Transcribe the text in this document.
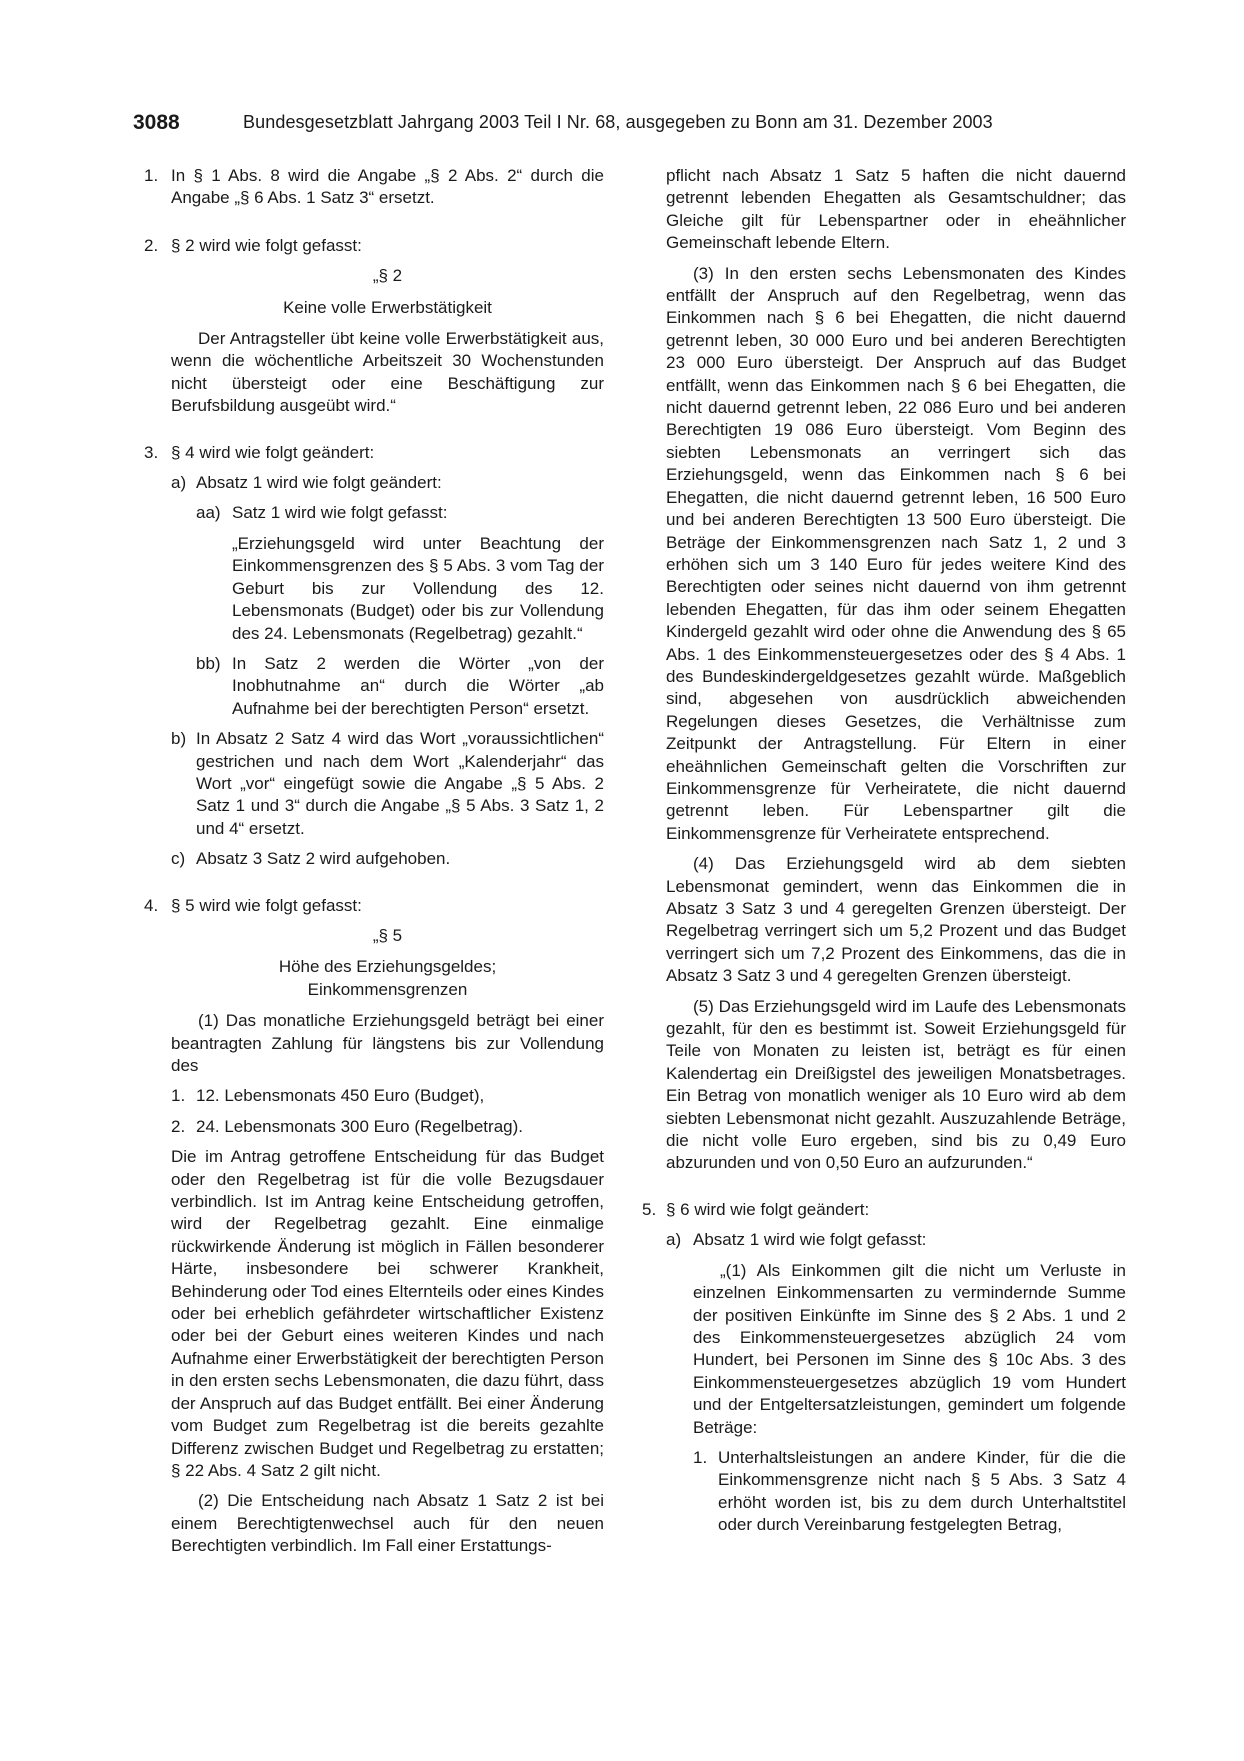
3088	Bundesgesetzblatt Jahrgang 2003 Teil I Nr. 68, ausgegeben zu Bonn am 31. Dezember 2003
1. In § 1 Abs. 8 wird die Angabe „§ 2 Abs. 2“ durch die Angabe „§ 6 Abs. 1 Satz 3“ ersetzt.
2. § 2 wird wie folgt gefasst:

„§ 2

Keine volle Erwerbstätigkeit

Der Antragsteller übt keine volle Erwerbstätigkeit aus, wenn die wöchentliche Arbeitszeit 30 Wochenstunden nicht übersteigt oder eine Beschäftigung zur Berufsbildung ausgeübt wird.“

3. § 4 wird wie folgt geändert:
a) Absatz 1 wird wie folgt geändert:
aa) Satz 1 wird wie folgt gefasst:

„Erziehungsgeld wird unter Beachtung der Einkommensgrenzen des § 5 Abs. 3 vom Tag der Geburt bis zur Vollendung des 12. Lebensmonats (Budget) oder bis zur Vollendung des 24. Lebensmonats (Regelbetrag) gezahlt.“

bb) In Satz 2 werden die Wörter „von der Inobhutnahme an“ durch die Wörter „ab Aufnahme bei der berechtigten Person“ ersetzt.
b) In Absatz 2 Satz 4 wird das Wort „voraussichtlichen“ gestrichen und nach dem Wort „Kalenderjahr“ das Wort „vor“ eingefügt sowie die Angabe „§ 5 Abs. 2 Satz 1 und 3“ durch die Angabe „§ 5 Abs. 3 Satz 1, 2 und 4“ ersetzt.
c) Absatz 3 Satz 2 wird aufgehoben.
4. § 5 wird wie folgt gefasst:

„§ 5

Höhe des Erziehungsgeldes;

Einkommensgrenzen

(1) Das monatliche Erziehungsgeld beträgt bei einer beantragten Zahlung für längstens bis zur Vollendung des

1. 12. Lebensmonats 450 Euro (Budget),
2. 24. Lebensmonats 300 Euro (Regelbetrag).

Die im Antrag getroffene Entscheidung für das Budget oder den Regelbetrag ist für die volle Bezugsdauer verbindlich. Ist im Antrag keine Entscheidung getroffen, wird der Regelbetrag gezahlt. Eine einmalige rückwirkende Änderung ist möglich in Fällen besonderer Härte, insbesondere bei schwerer Krankheit, Behinderung oder Tod eines Elternteils oder eines Kindes oder bei erheblich gefährdeter wirtschaftlicher Existenz oder bei der Geburt eines weiteren Kindes und nach Aufnahme einer Erwerbstätigkeit der berechtigten Person in den ersten sechs Lebensmonaten, die dazu führt, dass der Anspruch auf das Budget entfällt. Bei einer Änderung vom Budget zum Regelbetrag ist die bereits gezahlte Differenz zwischen Budget und Regelbetrag zu erstatten; § 22 Abs. 4 Satz 2 gilt nicht.

(2) Die Entscheidung nach Absatz 1 Satz 2 ist bei einem Berechtigtenwechsel auch für den neuen Berechtigten verbindlich. Im Fall einer Erstattungs-

pflicht nach Absatz 1 Satz 5 haften die nicht dauernd getrennt lebenden Ehegatten als Gesamtschuldner; das Gleiche gilt für Lebenspartner oder in eheähnlicher Gemeinschaft lebende Eltern.

(3) In den ersten sechs Lebensmonaten des Kindes entfällt der Anspruch auf den Regelbetrag, wenn das Einkommen nach § 6 bei Ehegatten, die nicht dauernd getrennt leben, 30 000 Euro und bei anderen Berechtigten 23 000 Euro übersteigt. Der Anspruch auf das Budget entfällt, wenn das Einkommen nach § 6 bei Ehegatten, die nicht dauernd getrennt leben, 22 086 Euro und bei anderen Berechtigten 19 086 Euro übersteigt. Vom Beginn des siebten Lebensmonats an verringert sich das Erziehungsgeld, wenn das Einkommen nach § 6 bei Ehegatten, die nicht dauernd getrennt leben, 16 500 Euro und bei anderen Berechtigten 13 500 Euro übersteigt. Die Beträge der Einkommensgrenzen nach Satz 1, 2 und 3 erhöhen sich um 3 140 Euro für jedes weitere Kind des Berechtigten oder seines nicht dauernd von ihm getrennt lebenden Ehegatten, für das ihm oder seinem Ehegatten Kindergeld gezahlt wird oder ohne die Anwendung des § 65 Abs. 1 des Einkommensteuergesetzes oder des § 4 Abs. 1 des Bundeskindergeldgesetzes gezahlt würde. Maßgeblich sind, abgesehen von ausdrücklich abweichenden Regelungen dieses Gesetzes, die Verhältnisse zum Zeitpunkt der Antragstellung. Für Eltern in einer eheähnlichen Gemeinschaft gelten die Vorschriften zur Einkommensgrenze für Verheiratete, die nicht dauernd getrennt leben. Für Lebenspartner gilt die Einkommensgrenze für Verheiratete entsprechend.

(4) Das Erziehungsgeld wird ab dem siebten Lebensmonat gemindert, wenn das Einkommen die in Absatz 3 Satz 3 und 4 geregelten Grenzen übersteigt. Der Regelbetrag verringert sich um 5,2 Prozent und das Budget verringert sich um 7,2 Prozent des Einkommens, das die in Absatz 3 Satz 3 und 4 geregelten Grenzen übersteigt.

(5) Das Erziehungsgeld wird im Laufe des Lebensmonats gezahlt, für den es bestimmt ist. Soweit Erziehungsgeld für Teile von Monaten zu leisten ist, beträgt es für einen Kalendertag ein Dreißigstel des jeweiligen Monatsbetrages. Ein Betrag von monatlich weniger als 10 Euro wird ab dem siebten Lebensmonat nicht gezahlt. Auszuzahlende Beträge, die nicht volle Euro ergeben, sind bis zu 0,49 Euro abzurunden und von 0,50 Euro an aufzurunden.“

5. § 6 wird wie folgt geändert:
a) Absatz 1 wird wie folgt gefasst:

„(1) Als Einkommen gilt die nicht um Verluste in einzelnen Einkommensarten zu vermindernde Summe der positiven Einkünfte im Sinne des § 2 Abs. 1 und 2 des Einkommensteuergesetzes abzüglich 24 vom Hundert, bei Personen im Sinne des § 10c Abs. 3 des Einkommensteuergesetzes abzüglich 19 vom Hundert und der Entgeltersatzleistungen, gemindert um folgende Beträge:

1. Unterhaltsleistungen an andere Kinder, für die die Einkommensgrenze nicht nach § 5 Abs. 3 Satz 4 erhöht worden ist, bis zu dem durch Unterhaltstitel oder durch Vereinbarung festgelegten Betrag,
